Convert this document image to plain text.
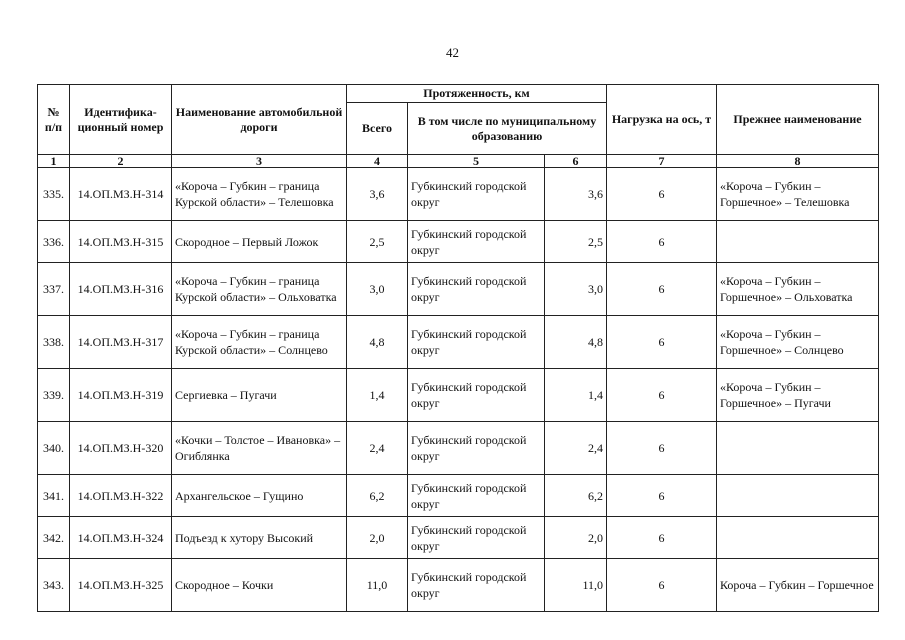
42
№ п/п	Идентифика-ционный номер	Наименование автомобильной дороги	Протяженность, км			Нагрузка на ось, т	Прежнее наименование
			Всего	В том числе по муниципальному образованию			
1	2	3	4	5	6	7	8
335.	14.ОП.МЗ.Н-314	«Короча – Губкин – граница Курской области» – Телешовка	3,6	Губкинский городской округ	3,6	6	«Короча – Губкин – Горшечное» – Телешовка
336.	14.ОП.МЗ.Н-315	Скородное – Первый Ложок	2,5	Губкинский городской округ	2,5	6	
337.	14.ОП.МЗ.Н-316	«Короча – Губкин – граница Курской области» – Ольховатка	3,0	Губкинский городской округ	3,0	6	«Короча – Губкин – Горшечное» – Ольховатка
338.	14.ОП.МЗ.Н-317	«Короча – Губкин – граница Курской области» – Солнцево	4,8	Губкинский городской округ	4,8	6	«Короча – Губкин – Горшечное» – Солнцево
339.	14.ОП.МЗ.Н-319	Сергиевка – Пугачи	1,4	Губкинский городской округ	1,4	6	«Короча – Губкин – Горшечное» – Пугачи
340.	14.ОП.МЗ.Н-320	«Кочки – Толстое – Ивановка» – Огиблянка	2,4	Губкинский городской округ	2,4	6	
341.	14.ОП.МЗ.Н-322	Архангельское – Гущино	6,2	Губкинский городской округ	6,2	6	
342.	14.ОП.МЗ.Н-324	Подъезд к хутору Высокий	2,0	Губкинский городской округ	2,0	6	
343.	14.ОП.МЗ.Н-325	Скородное – Кочки	11,0	Губкинский городской округ	11,0	6	Короча – Губкин – Горшечное
